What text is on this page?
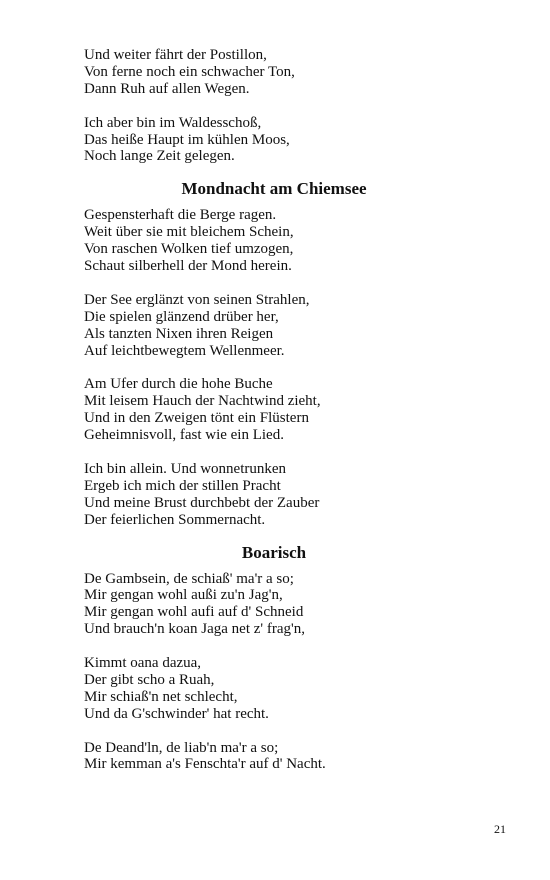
Und weiter fährt der Postillon,
Von ferne noch ein schwacher Ton,
Dann Ruh auf allen Wegen.
Ich aber bin im Waldesschoß,
Das heiße Haupt im kühlen Moos,
Noch lange Zeit gelegen.
Mondnacht am Chiemsee
Gespensterhaft die Berge ragen.
Weit über sie mit bleichem Schein,
Von raschen Wolken tief umzogen,
Schaut silberhell der Mond herein.
Der See erglänzt von seinen Strahlen,
Die spielen glänzend drüber her,
Als tanzten Nixen ihren Reigen
Auf leichtbewegtem Wellenmeer.
Am Ufer durch die hohe Buche
Mit leisem Hauch der Nachtwind zieht,
Und in den Zweigen tönt ein Flüstern
Geheimnisvoll, fast wie ein Lied.
Ich bin allein. Und wonnetrunken
Ergeb ich mich der stillen Pracht
Und meine Brust durchbebt der Zauber
Der feierlichen Sommernacht.
Boarisch
De Gambsein, de schiaß' ma'r a so;
Mir gengan wohl außi zu'n Jag'n,
Mir gengan wohl aufi auf d' Schneid
Und brauch'n koan Jaga net z' frag'n,
Kimmt oana dazua,
Der gibt scho a Ruah,
Mir schiaß'n net schlecht,
Und da G'schwinder' hat recht.
De Deand'ln, de liab'n ma'r a so;
Mir kemman a's Fenschta'r auf d' Nacht.
21
